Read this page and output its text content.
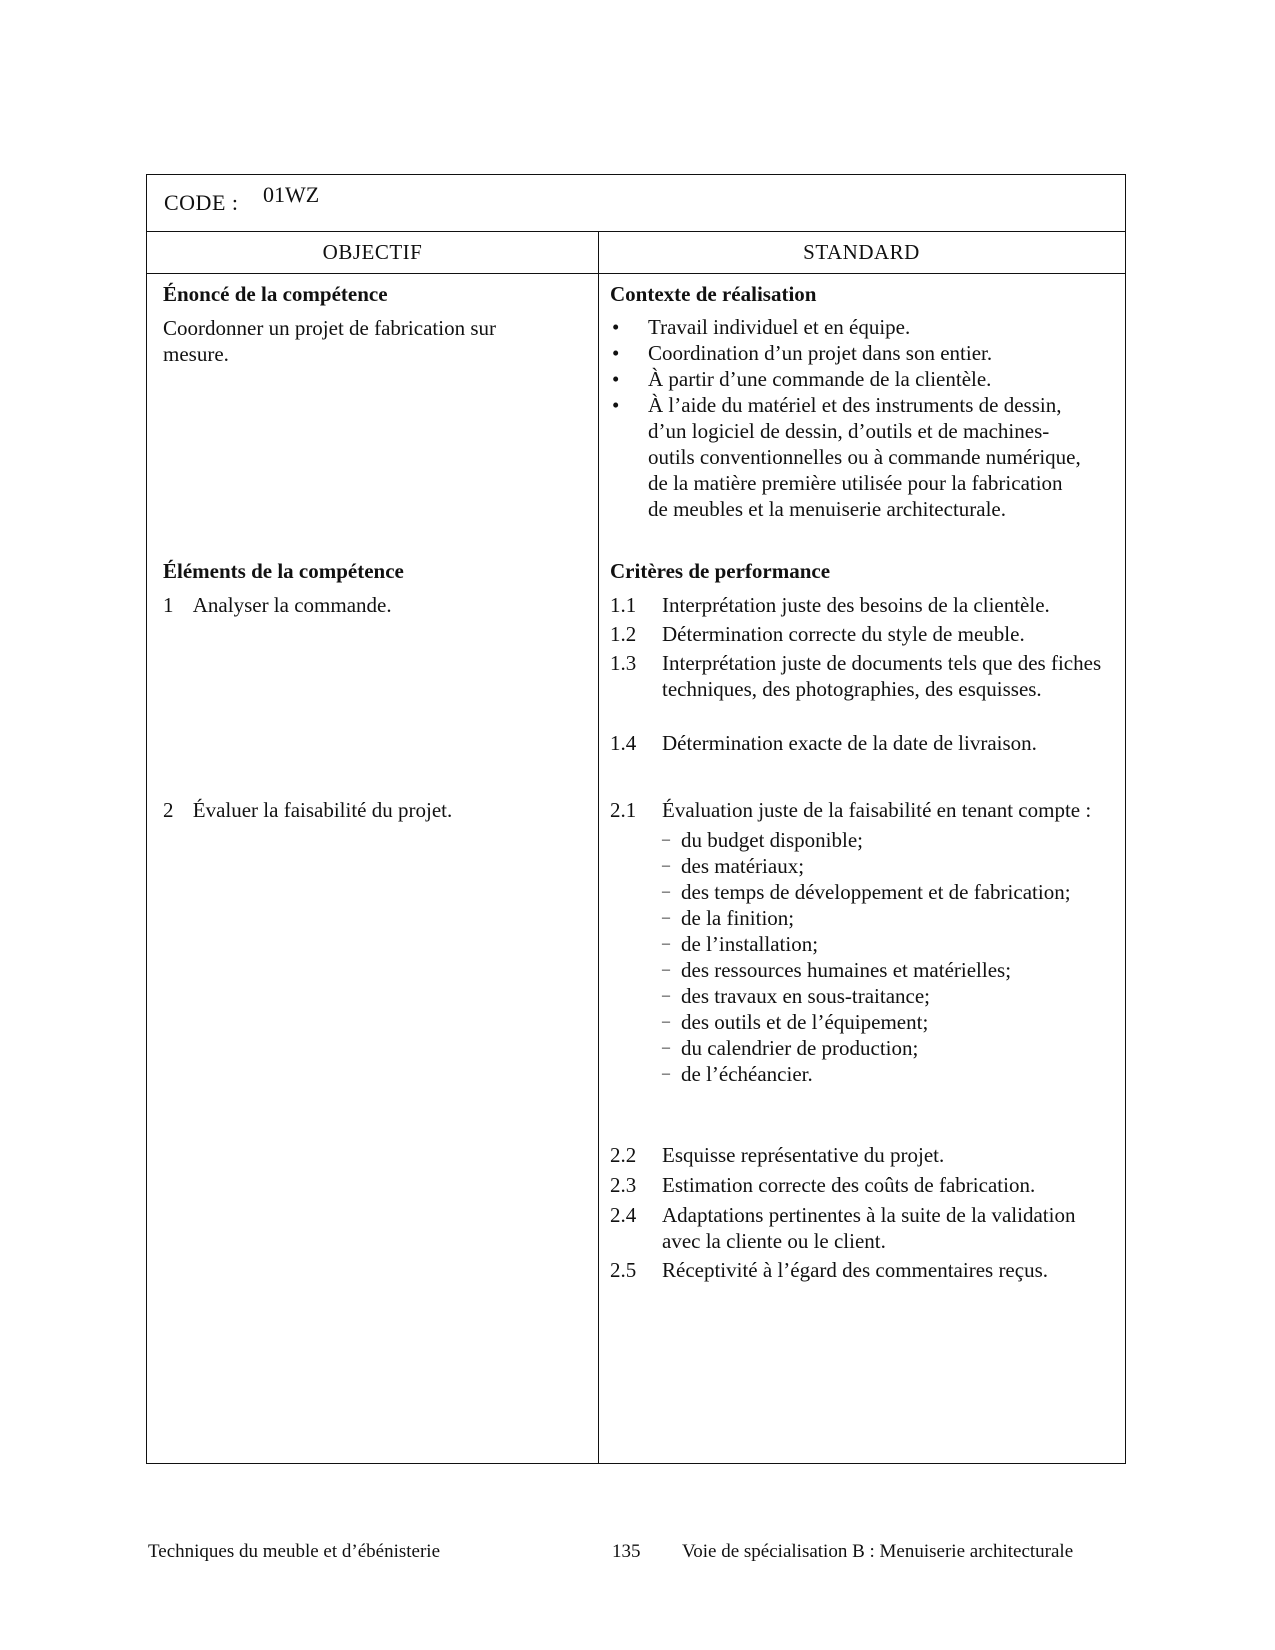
CODE : 01WZ
OBJECTIF	STANDARD
Énoncé de la compétence
Coordonner un projet de fabrication sur mesure.
Éléments de la compétence
1 Analyser la commande.
2 Évaluer la faisabilité du projet.
Contexte de réalisation
• Travail individuel et en équipe.
• Coordination d’un projet dans son entier.
• À partir d’une commande de la clientèle.
• À l’aide du matériel et des instruments de dessin, d’un logiciel de dessin, d’outils et de machines-outils conventionnelles ou à commande numérique, de la matière première utilisée pour la fabrication de meubles et la menuiserie architecturale.
Critères de performance
1.1 Interprétation juste des besoins de la clientèle.
1.2 Détermination correcte du style de meuble.
1.3 Interprétation juste de documents tels que des fiches techniques, des photographies, des esquisses.
1.4 Détermination exacte de la date de livraison.
2.1 Évaluation juste de la faisabilité en tenant compte :
– du budget disponible;
– des matériaux;
– des temps de développement et de fabrication;
– de la finition;
– de l’installation;
– des ressources humaines et matérielles;
– des travaux en sous-traitance;
– des outils et de l’équipement;
– du calendrier de production;
– de l’échéancier.
2.2 Esquisse représentative du projet.
2.3 Estimation correcte des coûts de fabrication.
2.4 Adaptations pertinentes à la suite de la validation avec la cliente ou le client.
2.5 Réceptivité à l’égard des commentaires reçus.
Techniques du meuble et d’ébénisterie	135 Voie de spécialisation B : Menuiserie architecturale
